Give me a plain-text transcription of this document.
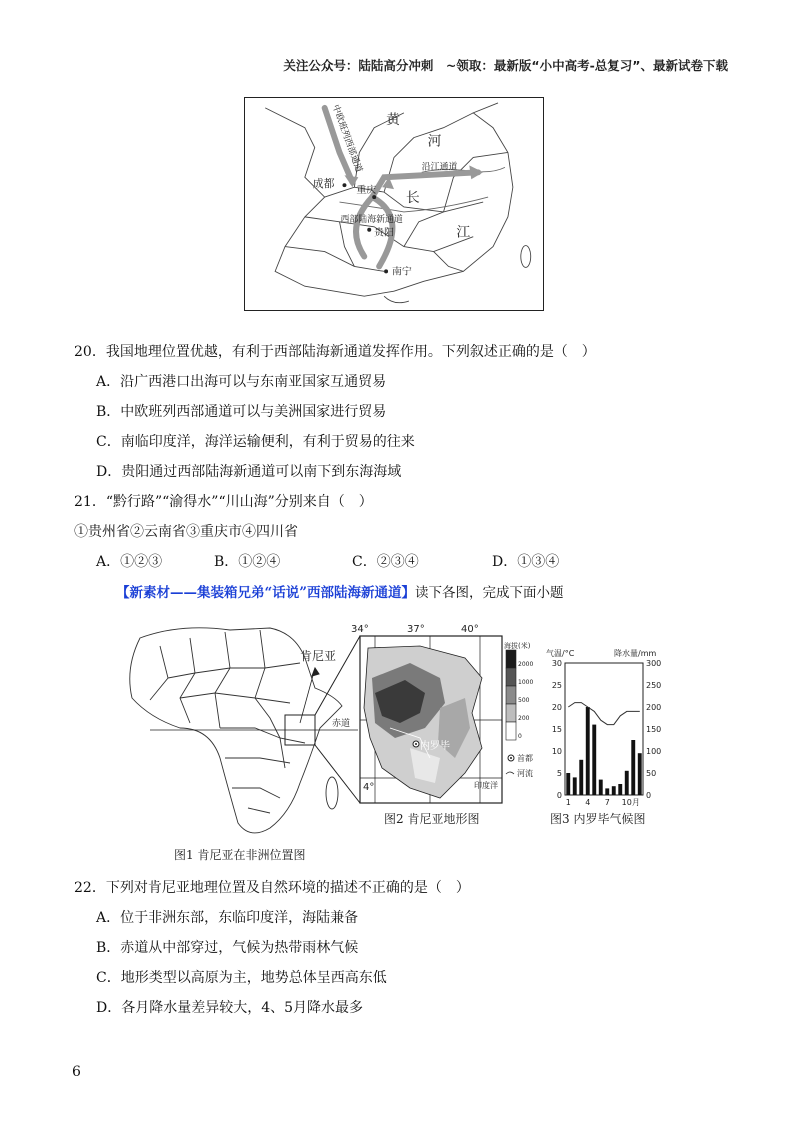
关注公众号：陆陆高分冲刺　~领取：最新版“小中高考-总复习”、最新试卷下载
黄
河
长
江
沿江通道
成都
重庆
西部陆海新通道
贵阳
南宁
中欧班列西部通道
20．我国地理位置优越，有利于西部陆海新通道发挥作用。下列叙述正确的是（　）
A．沿广西港口出海可以与东南亚国家互通贸易
B．中欧班列西部通道可以与美洲国家进行贸易
C．南临印度洋，海洋运输便利，有利于贸易的往来
D．贵阳通过西部陆海新通道可以南下到东海海域
21．“黔行路”“渝得水”“川山海”分别来自（　）
①贵州省②云南省③重庆市④四川省
A．①②③	B．①②④	C．②③④	D．①③④
【新素材——集装箱兄弟“话说”西部陆海新通道】读下各图，完成下面小题
肯尼亚
赤道
内罗毕
印度洋
34°	37°	40°
4°
海拔(米)
2000
1000
500
200
0
首都
河流
气温/°C	降水量/mm
30
25
20
15
10
5
0
300
250
200
150
100
50
0
1 4 7 10月
图1 肯尼亚在非洲位置图
图2 肯尼亚地形图	图3 内罗毕气候图
22．下列对肯尼亚地理位置及自然环境的描述不正确的是（　）
A．位于非洲东部，东临印度洋，海陆兼备
B．赤道从中部穿过，气候为热带雨林气候
C．地形类型以高原为主，地势总体呈西高东低
D．各月降水量差异较大，4、5月降水最多
6
